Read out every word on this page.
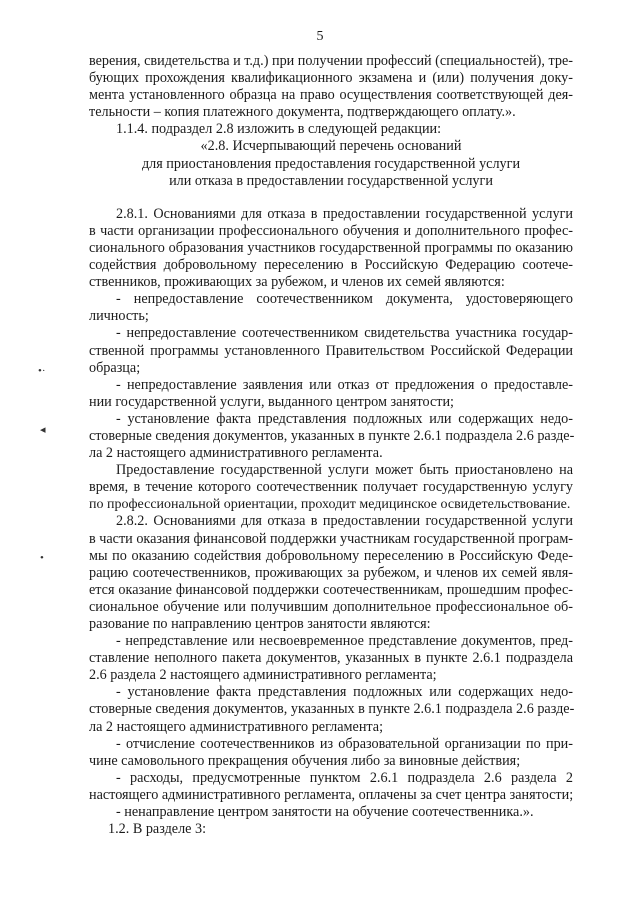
5
верения, свидетельства и т.д.) при получении профессий (специальностей), тре-
бующих прохождения квалификационного экзамена и (или) получения доку-
мента установленного образца на право осуществления соответствующей дея-
тельности – копия платежного документа, подтверждающего оплату.».
1.1.4. подраздел 2.8 изложить в следующей редакции:
«2.8. Исчерпывающий перечень оснований
для приостановления предоставления государственной услуги
или отказа в предоставлении государственной услуги
2.8.1. Основаниями для отказа в предоставлении государственной услуги
в части организации профессионального обучения и дополнительного профес-
сионального образования участников государственной программы по оказанию
содействия добровольному переселению в Российскую Федерацию соотече-
ственников, проживающих за рубежом, и членов их семей являются:
- непредоставление соотечественником документа, удостоверяющего
личность;
- непредоставление соотечественником свидетельства участника государ-
ственной программы установленного Правительством Российской Федерации
образца;
- непредоставление заявления или отказ от предложения о предоставле-
нии государственной услуги, выданного центром занятости;
- установление факта представления подложных или содержащих недо-
стоверные сведения документов, указанных в пункте 2.6.1 подраздела 2.6 разде-
ла 2 настоящего административного регламента.
Предоставление государственной услуги может быть приостановлено на
время, в течение которого соотечественник получает государственную услугу
по профессиональной ориентации, проходит медицинское освидетельствование.
2.8.2. Основаниями для отказа в предоставлении государственной услуги
в части оказания финансовой поддержки участникам государственной програм-
мы по оказанию содействия добровольному переселению в Российскую Феде-
рацию соотечественников, проживающих за рубежом, и членов их семей явля-
ется оказание финансовой поддержки соотечественникам, прошедшим профес-
сиональное обучение или получившим дополнительное профессиональное об-
разование по направлению центров занятости являются:
- непредставление или несвоевременное представление документов, пред-
ставление неполного пакета документов, указанных в пункте 2.6.1 подраздела
2.6 раздела 2 настоящего административного регламента;
- установление факта представления подложных или содержащих недо-
стоверные сведения документов, указанных в пункте 2.6.1 подраздела 2.6 разде-
ла 2 настоящего административного регламента;
- отчисление соотечественников из образовательной организации по при-
чине самовольного прекращения обучения либо за виновные действия;
- расходы, предусмотренные пунктом 2.6.1 подраздела 2.6 раздела 2
настоящего административного регламента, оплачены за счет центра занятости;
- ненаправление центром занятости на обучение соотечественника.».
1.2. В разделе 3:
•·
◂
•
